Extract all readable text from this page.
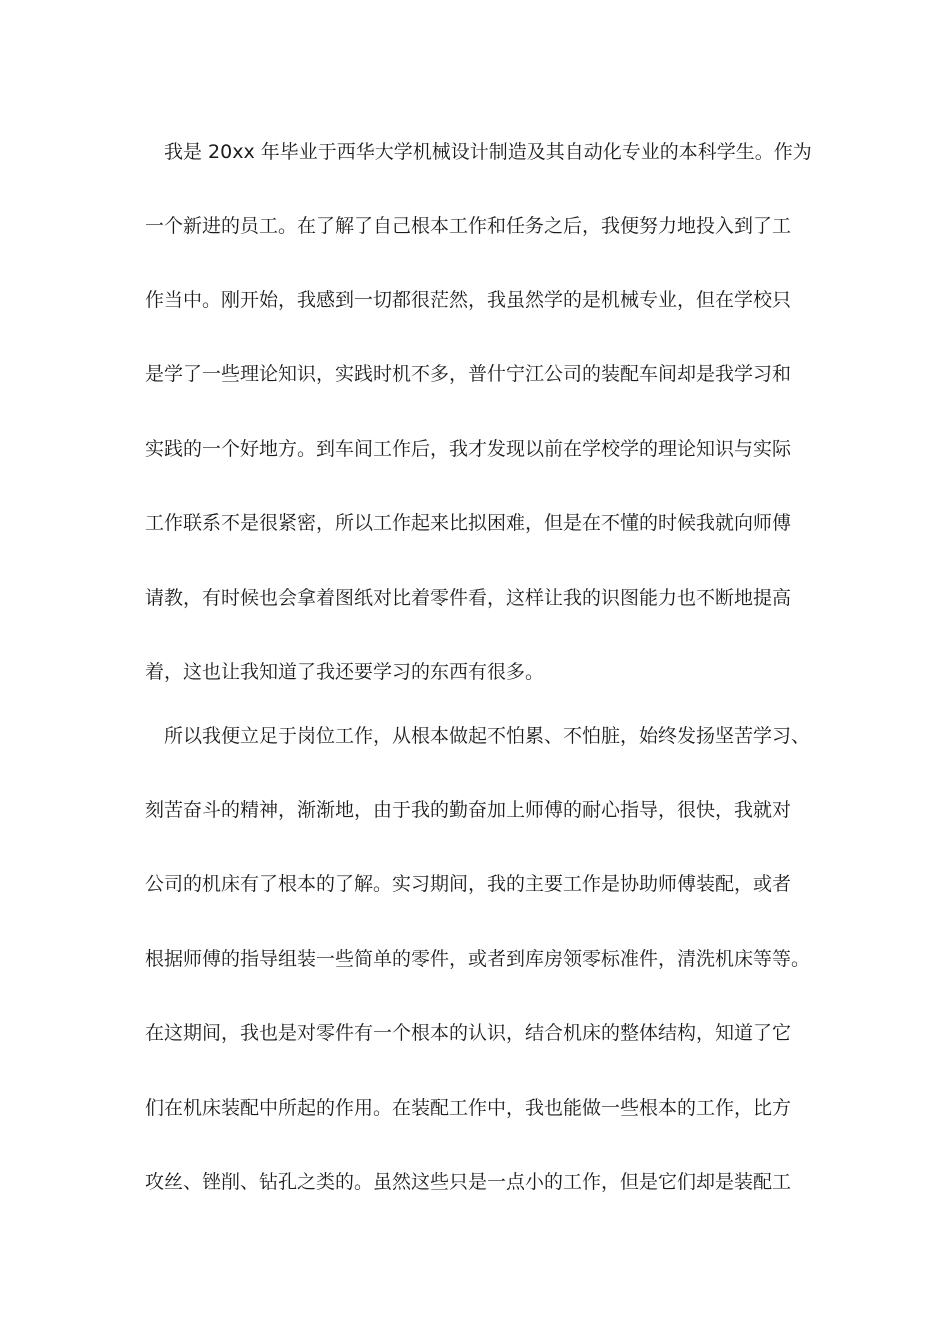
我是 20xx 年毕业于西华大学机械设计制造及其自动化专业的本科学生。作为
一个新进的员工。在了解了自己根本工作和任务之后，我便努力地投入到了工
作当中。刚开始，我感到一切都很茫然，我虽然学的是机械专业，但在学校只
是学了一些理论知识，实践时机不多，普什宁江公司的装配车间却是我学习和
实践的一个好地方。到车间工作后，我才发现以前在学校学的理论知识与实际
工作联系不是很紧密，所以工作起来比拟困难，但是在不懂的时候我就向师傅
请教，有时候也会拿着图纸对比着零件看，这样让我的识图能力也不断地提高
着，这也让我知道了我还要学习的东西有很多。
所以我便立足于岗位工作，从根本做起不怕累、不怕脏，始终发扬坚苦学习、
刻苦奋斗的精神，渐渐地，由于我的勤奋加上师傅的耐心指导，很快，我就对
公司的机床有了根本的了解。实习期间，我的主要工作是协助师傅装配，或者
根据师傅的指导组装一些简单的零件，或者到库房领零标准件，清洗机床等等。
在这期间，我也是对零件有一个根本的认识，结合机床的整体结构，知道了它
们在机床装配中所起的作用。在装配工作中，我也能做一些根本的工作，比方
攻丝、锉削、钻孔之类的。虽然这些只是一点小的工作，但是它们却是装配工
